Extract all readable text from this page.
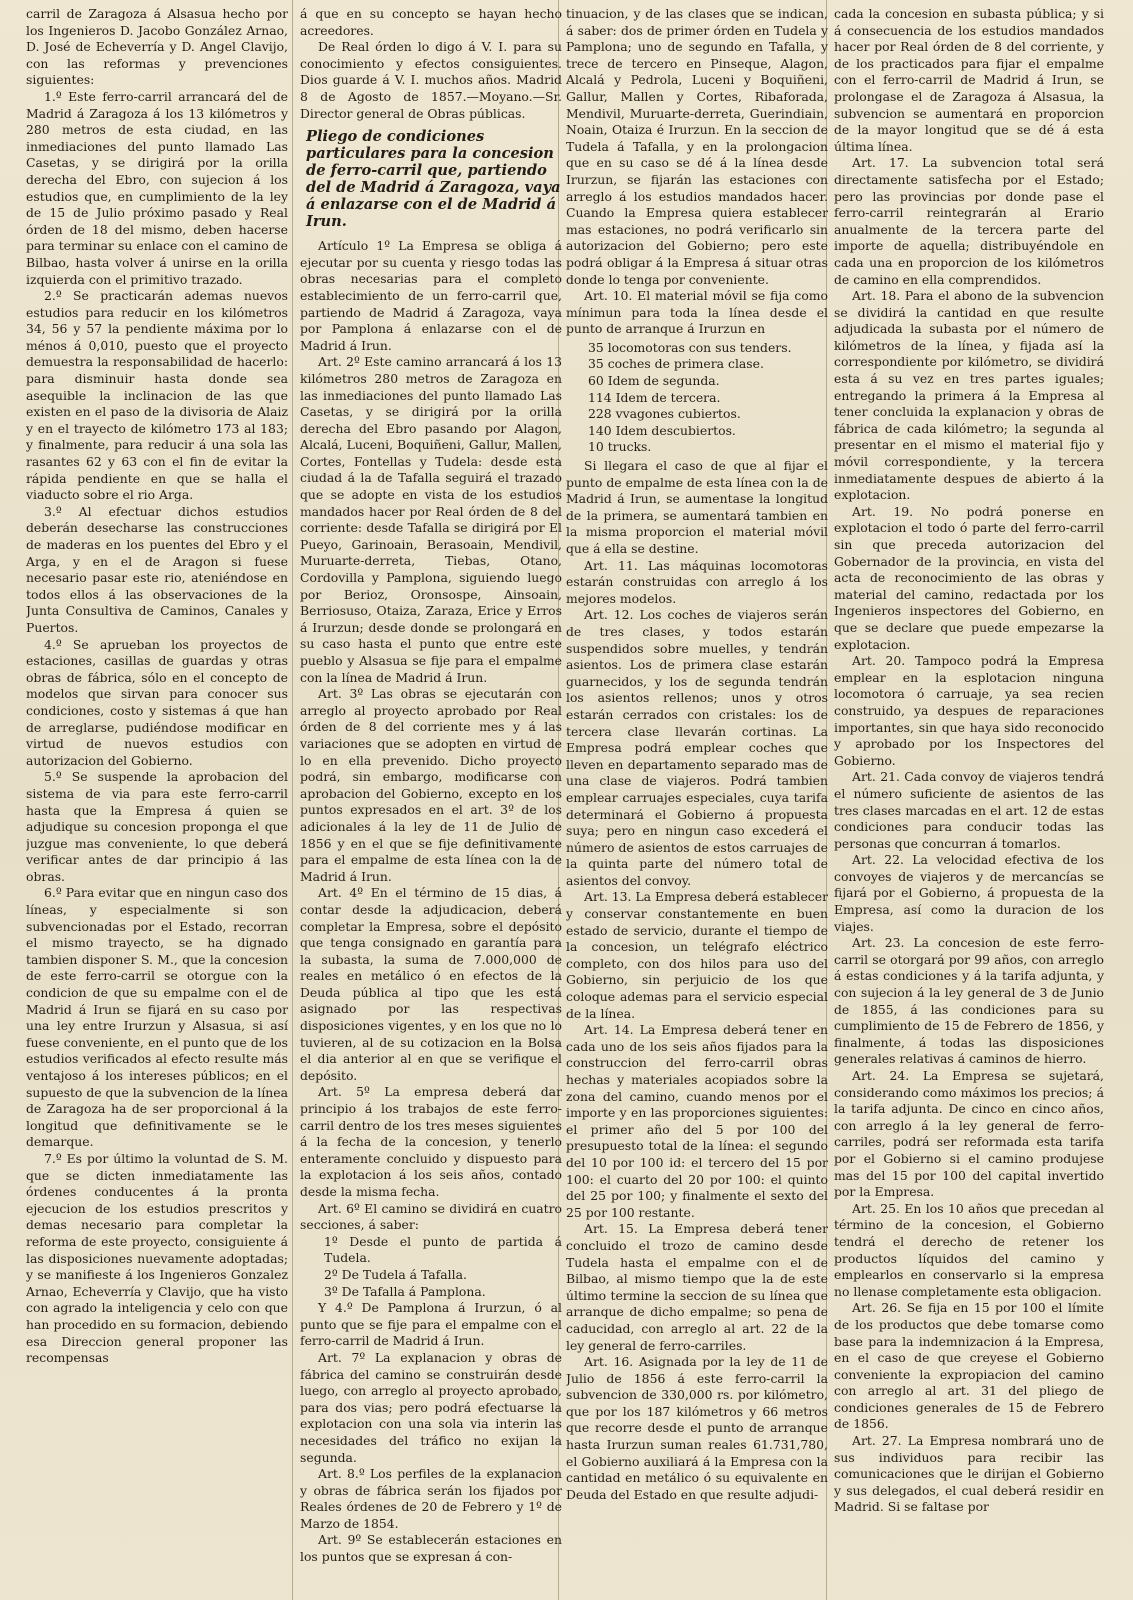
carril de Zaragoza á Alsasua hecho por los Ingenieros D. Jacobo González Arnao, D. José de Echeverría y D. Angel Clavijo, con las reformas y prevenciones siguientes:

1.º Este ferro-carril arrancará del de Madrid á Zaragoza á los 13 kilómetros y 280 metros de esta ciudad, en las inmediaciones del punto llamado Las Casetas, y se dirigirá por la orilla derecha del Ebro, con sujecion á los estudios que, en cumplimiento de la ley de 15 de Julio próximo pasado y Real órden de 18 del mismo, deben hacerse para terminar su enlace con el camino de Bilbao, hasta volver á unirse en la orilla izquierda con el primitivo trazado.

2.º Se practicarán ademas nuevos estudios para reducir en los kilómetros 34, 56 y 57 la pendiente máxima por lo ménos á 0,010, puesto que el proyecto demuestra la responsabilidad de hacerlo: para disminuir hasta donde sea asequible la inclinacion de las que existen en el paso de la divisoria de Alaiz y en el trayecto de kilómetro 173 al 183; y finalmente, para reducir á una sola las rasantes 62 y 63 con el fin de evitar la rápida pendiente en que se halla el viaducto sobre el rio Arga.

3.º Al efectuar dichos estudios deberán desecharse las construcciones de maderas en los puentes del Ebro y el Arga, y en el de Aragon si fuese necesario pasar este rio, ateniéndose en todos ellos á las observaciones de la Junta Consultiva de Caminos, Canales y Puertos.

4.º Se aprueban los proyectos de estaciones, casillas de guardas y otras obras de fábrica, sólo en el concepto de modelos que sirvan para conocer sus condiciones, costo y sistemas á que han de arreglarse, pudiéndose modificar en virtud de nuevos estudios con autorizacion del Gobierno.

5.º Se suspende la aprobacion del sistema de via para este ferro-carril hasta que la Empresa á quien se adjudique su concesion proponga el que juzgue mas conveniente, lo que deberá verificar antes de dar principio á las obras.

6.º Para evitar que en ningun caso dos líneas, y especialmente si son subvencionadas por el Estado, recorran el mismo trayecto, se ha dignado tambien disponer S. M., que la concesion de este ferro-carril se otorgue con la condicion de que su empalme con el de Madrid á Irun se fijará en su caso por una ley entre Irurzun y Alsasua, si así fuese conveniente, en el punto que de los estudios verificados al efecto resulte más ventajoso á los intereses públicos; en el supuesto de que la subvencion de la línea de Zaragoza ha de ser proporcional á la longitud que definitivamente se le demarque.

7.º Es por último la voluntad de S. M. que se dicten inmediatamente las órdenes conducentes á la pronta ejecucion de los estudios prescritos y demas necesario para completar la reforma de este proyecto, consiguiente á las disposiciones nuevamente adoptadas; y se manifieste á los Ingenieros Gonzalez Arnao, Echeverría y Clavijo, que ha visto con agrado la inteligencia y celo con que han procedido en su formacion, debiendo esa Direccion general proponer las recompensas

á que en su concepto se hayan hecho acreedores.

De Real órden lo digo á V. I. para su conocimiento y efectos consiguientes. Dios guarde á V. I. muchos años. Madrid 8 de Agosto de 1857.—Moyano.—Sr. Director general de Obras públicas.

Pliego de condiciones particulares para la concesion de ferro-carril que, partiendo del de Madrid á Zaragoza, vaya á enlazarse con el de Madrid á Irun.

Artículo 1º La Empresa se obliga á ejecutar por su cuenta y riesgo todas las obras necesarias para el completo establecimiento de un ferro-carril que, partiendo de Madrid á Zaragoza, vaya por Pamplona á enlazarse con el de Madrid á Irun.

Art. 2º Este camino arrancará á los 13 kilómetros 280 metros de Zaragoza en las inmediaciones del punto llamado Las Casetas, y se dirigirá por la orilla derecha del Ebro pasando por Alagon, Alcalá, Luceni, Boquiñeni, Gallur, Mallen, Cortes, Fontellas y Tudela: desde esta ciudad á la de Tafalla seguirá el trazado que se adopte en vista de los estudios mandados hacer por Real órden de 8 del corriente: desde Tafalla se dirigirá por El Pueyo, Garinoain, Berasoain, Mendivil, Muruarte-derreta, Tiebas, Otano, Cordovilla y Pamplona, siguiendo luego por Berioz, Oronsospe, Ainsoain, Berriosuso, Otaiza, Zaraza, Erice y Erros á Irurzun; desde donde se prolongará en su caso hasta el punto que entre este pueblo y Alsasua se fije para el empalme con la línea de Madrid á Irun.

Art. 3º Las obras se ejecutarán con arreglo al proyecto aprobado por Real órden de 8 del corriente mes y á las variaciones que se adopten en virtud de lo en ella prevenido. Dicho proyecto podrá, sin embargo, modificarse con aprobacion del Gobierno, excepto en los puntos expresados en el art. 3º de los adicionales á la ley de 11 de Julio de 1856 y en el que se fije definitivamente para el empalme de esta línea con la de Madrid á Irun.

Art. 4º En el término de 15 dias, á contar desde la adjudicacion, deberá completar la Empresa, sobre el depósito que tenga consignado en garantía para la subasta, la suma de 7.000,000 de reales en metálico ó en efectos de la Deuda pública al tipo que les está asignado por las respectivas disposiciones vigentes, y en los que no lo tuvieren, al de su cotizacion en la Bolsa el dia anterior al en que se verifique el depósito.

Art. 5º La empresa deberá dar principio á los trabajos de este ferro-carril dentro de los tres meses siguientes á la fecha de la concesion, y tenerlo enteramente concluido y dispuesto para la explotacion á los seis años, contado desde la misma fecha.

Art. 6º El camino se dividirá en cuatro secciones, á saber:

1º Desde el punto de partida á Tudela.

2º De Tudela á Tafalla.

3º De Tafalla á Pamplona.

Y 4.º De Pamplona á Irurzun, ó al punto que se fije para el empalme con el ferro-carril de Madrid á Irun.

Art. 7º La explanacion y obras de fábrica del camino se construirán desde luego, con arreglo al proyecto aprobado, para dos vias; pero podrá efectuarse la explotacion con una sola via interin las necesidades del tráfico no exijan la segunda.

Art. 8.º Los perfiles de la explanacion y obras de fábrica serán los fijados por Reales órdenes de 20 de Febrero y 1º de Marzo de 1854.

Art. 9º Se establecerán estaciones en los puntos que se expresan á con-

tinuacion, y de las clases que se indican, á saber: dos de primer órden en Tudela y Pamplona; uno de segundo en Tafalla, y trece de tercero en Pinseque, Alagon, Alcalá y Pedrola, Luceni y Boquiñeni, Gallur, Mallen y Cortes, Ribaforada, Mendivil, Muruarte-derreta, Guerindiain, Noain, Otaiza é Irurzun. En la seccion de Tudela á Tafalla, y en la prolongacion que en su caso se dé á la línea desde Irurzun, se fijarán las estaciones con arreglo á los estudios mandados hacer. Cuando la Empresa quiera establecer mas estaciones, no podrá verificarlo sin autorizacion del Gobierno; pero este podrá obligar á la Empresa á situar otras donde lo tenga por conveniente.

Art. 10. El material móvil se fija como mínimun para toda la línea desde el punto de arranque á Irurzun en

35 locomotoras con sus tenders.
35 coches de primera clase.
60 Idem de segunda.
114 Idem de tercera.
228 vvagones cubiertos.
140 Idem descubiertos.
10 trucks.

Si llegara el caso de que al fijar el punto de empalme de esta línea con la de Madrid á Irun, se aumentase la longitud de la primera, se aumentará tambien en la misma proporcion el material móvil que á ella se destine.

Art. 11. Las máquinas locomotoras estarán construidas con arreglo á los mejores modelos.

Art. 12. Los coches de viajeros serán de tres clases, y todos estarán suspendidos sobre muelles, y tendrán asientos. Los de primera clase estarán guarnecidos, y los de segunda tendrán los asientos rellenos; unos y otros estarán cerrados con cristales: los de tercera clase llevarán cortinas. La Empresa podrá emplear coches que lleven en departamento separado mas de una clase de viajeros. Podrá tambien emplear carruajes especiales, cuya tarifa determinará el Gobierno á propuesta suya; pero en ningun caso excederá el número de asientos de estos carruajes de la quinta parte del número total de asientos del convoy.

Art. 13. La Empresa deberá establecer y conservar constantemente en buen estado de servicio, durante el tiempo de la concesion, un telégrafo eléctrico completo, con dos hilos para uso del Gobierno, sin perjuicio de los que coloque ademas para el servicio especial de la línea.

Art. 14. La Empresa deberá tener en cada uno de los seis años fijados para la construccion del ferro-carril obras hechas y materiales acopiados sobre la zona del camino, cuando menos por el importe y en las proporciones siguientes: el primer año del 5 por 100 del presupuesto total de la línea: el segundo del 10 por 100 id: el tercero del 15 por 100: el cuarto del 20 por 100: el quinto del 25 por 100; y finalmente el sexto del 25 por 100 restante.

Art. 15. La Empresa deberá tener concluido el trozo de camino desde Tudela hasta el empalme con el de Bilbao, al mismo tiempo que la de este último termine la seccion de su línea que arranque de dicho empalme; so pena de caducidad, con arreglo al art. 22 de la ley general de ferro-carriles.

Art. 16. Asignada por la ley de 11 de Julio de 1856 á este ferro-carril la subvencion de 330,000 rs. por kilómetro, que por los 187 kilómetros y 66 metros que recorre desde el punto de arranque hasta Irurzun suman reales 61.731,780, el Gobierno auxiliará á la Empresa con la cantidad en metálico ó su equivalente en Deuda del Estado en que resulte adjudi-

cada la concesion en subasta pública; y si á consecuencia de los estudios mandados hacer por Real órden de 8 del corriente, y de los practicados para fijar el empalme con el ferro-carril de Madrid á Irun, se prolongase el de Zaragoza á Alsasua, la subvencion se aumentará en proporcion de la mayor longitud que se dé á esta última línea.

Art. 17. La subvencion total será directamente satisfecha por el Estado; pero las provincias por donde pase el ferro-carril reintegrarán al Erario anualmente de la tercera parte del importe de aquella; distribuyéndole en cada una en proporcion de los kilómetros de camino en ella comprendidos.

Art. 18. Para el abono de la subvencion se dividirá la cantidad en que resulte adjudicada la subasta por el número de kilómetros de la línea, y fijada así la correspondiente por kilómetro, se dividirá esta á su vez en tres partes iguales; entregando la primera á la Empresa al tener concluida la explanacion y obras de fábrica de cada kilómetro; la segunda al presentar en el mismo el material fijo y móvil correspondiente, y la tercera inmediatamente despues de abierto á la explotacion.

Art. 19. No podrá ponerse en explotacion el todo ó parte del ferro-carril sin que preceda autorizacion del Gobernador de la provincia, en vista del acta de reconocimiento de las obras y material del camino, redactada por los Ingenieros inspectores del Gobierno, en que se declare que puede empezarse la explotacion.

Art. 20. Tampoco podrá la Empresa emplear en la esplotacion ninguna locomotora ó carruaje, ya sea recien construido, ya despues de reparaciones importantes, sin que haya sido reconocido y aprobado por los Inspectores del Gobierno.

Art. 21. Cada convoy de viajeros tendrá el número suficiente de asientos de las tres clases marcadas en el art. 12 de estas condiciones para conducir todas las personas que concurran á tomarlos.

Art. 22. La velocidad efectiva de los convoyes de viajeros y de mercancías se fijará por el Gobierno, á propuesta de la Empresa, así como la duracion de los viajes.

Art. 23. La concesion de este ferro-carril se otorgará por 99 años, con arreglo á estas condiciones y á la tarifa adjunta, y con sujecion á la ley general de 3 de Junio de 1855, á las condiciones para su cumplimiento de 15 de Febrero de 1856, y finalmente, á todas las disposiciones generales relativas á caminos de hierro.

Art. 24. La Empresa se sujetará, considerando como máximos los precios; á la tarifa adjunta. De cinco en cinco años, con arreglo á la ley general de ferro-carriles, podrá ser reformada esta tarifa por el Gobierno si el camino produjese mas del 15 por 100 del capital invertido por la Empresa.

Art. 25. En los 10 años que precedan al término de la concesion, el Gobierno tendrá el derecho de retener los productos líquidos del camino y emplearlos en conservarlo si la empresa no llenase completamente esta obligacion.

Art. 26. Se fija en 15 por 100 el límite de los productos que debe tomarse como base para la indemnizacion á la Empresa, en el caso de que creyese el Gobierno conveniente la expropiacion del camino con arreglo al art. 31 del pliego de condiciones generales de 15 de Febrero de 1856.

Art. 27. La Empresa nombrará uno de sus individuos para recibir las comunicaciones que le dirijan el Gobierno y sus delegados, el cual deberá residir en Madrid. Si se faltase por
